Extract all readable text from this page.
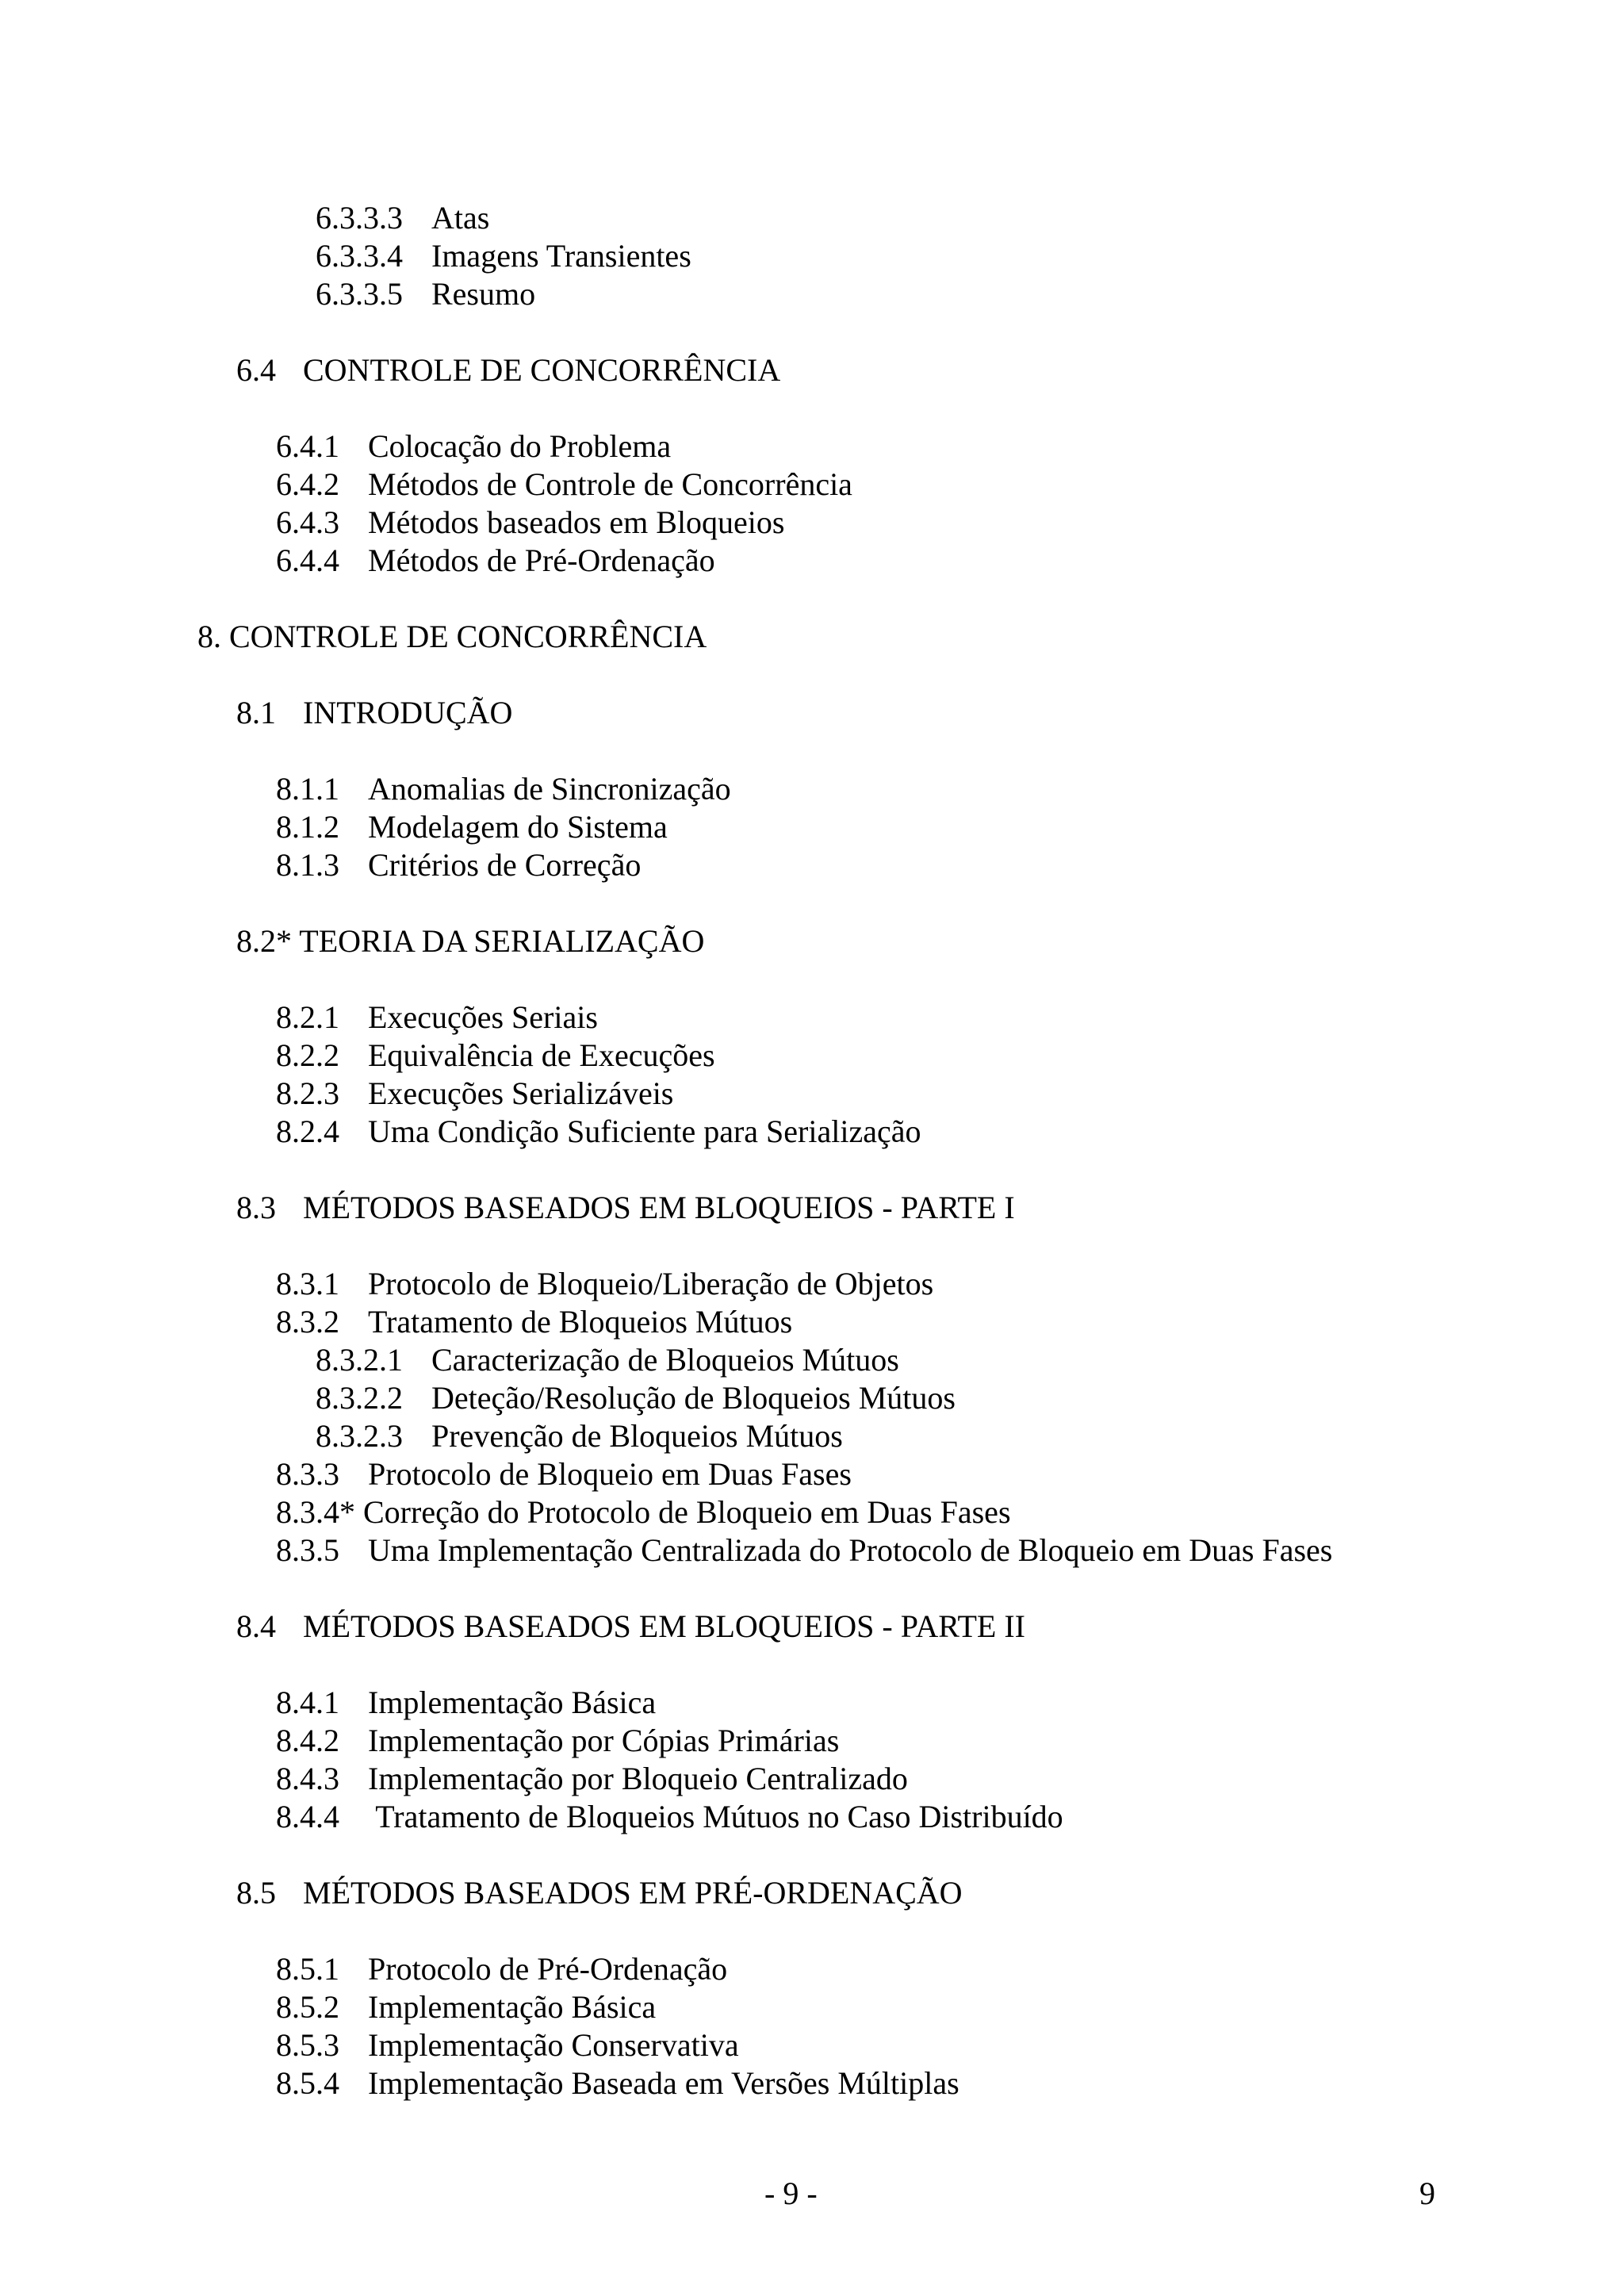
6.3.3.3 Atas
6.3.3.4 Imagens Transientes
6.3.3.5 Resumo
6.4 CONTROLE DE CONCORRÊNCIA
6.4.1 Colocação do Problema
6.4.2 Métodos de Controle de Concorrência
6.4.3 Métodos baseados em Bloqueios
6.4.4 Métodos de Pré-Ordenação
8. CONTROLE DE CONCORRÊNCIA
8.1 INTRODUÇÃO
8.1.1 Anomalias de Sincronização
8.1.2 Modelagem do Sistema
8.1.3 Critérios de Correção
8.2* TEORIA DA SERIALIZAÇÃO
8.2.1 Execuções Seriais
8.2.2 Equivalência de Execuções
8.2.3 Execuções Serializáveis
8.2.4 Uma Condição Suficiente para Serialização
8.3 MÉTODOS BASEADOS EM BLOQUEIOS - PARTE I
8.3.1 Protocolo de Bloqueio/Liberação de Objetos
8.3.2 Tratamento de Bloqueios Mútuos
8.3.2.1 Caracterização de Bloqueios Mútuos
8.3.2.2 Deteção/Resolução de Bloqueios Mútuos
8.3.2.3 Prevenção de Bloqueios Mútuos
8.3.3 Protocolo de Bloqueio em Duas Fases
8.3.4* Correção do Protocolo de Bloqueio em Duas Fases
8.3.5 Uma Implementação Centralizada do Protocolo de Bloqueio em Duas Fases
8.4 MÉTODOS BASEADOS EM BLOQUEIOS - PARTE II
8.4.1 Implementação Básica
8.4.2 Implementação por Cópias Primárias
8.4.3 Implementação por Bloqueio Centralizado
8.4.4 Tratamento de Bloqueios Mútuos no Caso Distribuído
8.5 MÉTODOS BASEADOS EM PRÉ-ORDENAÇÃO
8.5.1 Protocolo de Pré-Ordenação
8.5.2 Implementação Básica
8.5.3 Implementação Conservativa
8.5.4 Implementação Baseada em Versões Múltiplas
- 9 -	9
